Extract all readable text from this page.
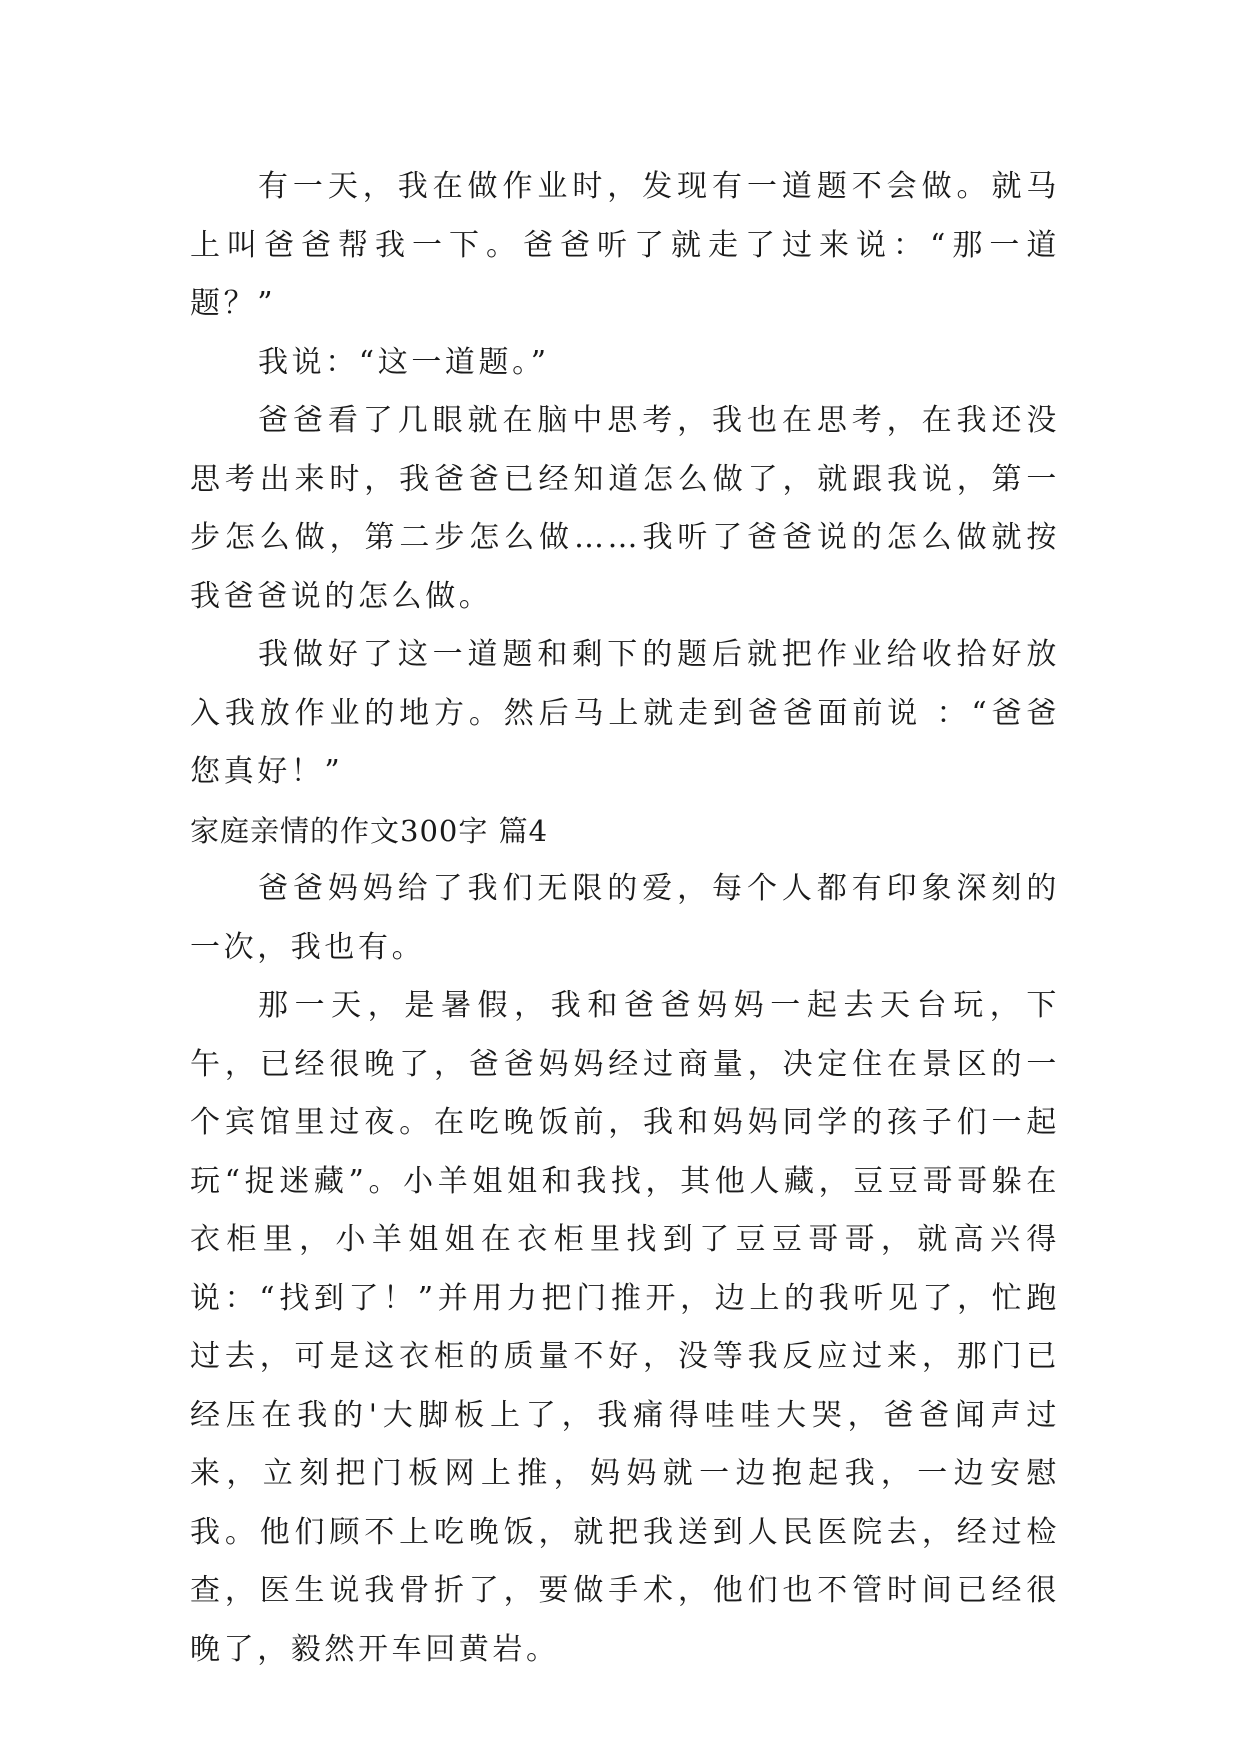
有一天，我在做作业时，发现有一道题不会做。就马上叫爸爸帮我一下。爸爸听了就走了过来说：“那一道题？”

我说：“这一道题。”

爸爸看了几眼就在脑中思考，我也在思考，在我还没思考出来时，我爸爸已经知道怎么做了，就跟我说，第一步怎么做，第二步怎么做……我听了爸爸说的怎么做就按我爸爸说的怎么做。

我做好了这一道题和剩下的题后就把作业给收拾好放入我放作业的地方。然后马上就走到爸爸面前说 ：“爸爸您真好！”

家庭亲情的作文300字 篇4

爸爸妈妈给了我们无限的爱，每个人都有印象深刻的一次，我也有。

那一天，是暑假，我和爸爸妈妈一起去天台玩，下午，已经很晚了，爸爸妈妈经过商量，决定住在景区的一个宾馆里过夜。在吃晚饭前，我和妈妈同学的孩子们一起玩“捉迷藏”。小羊姐姐和我找，其他人藏，豆豆哥哥躲在衣柜里，小羊姐姐在衣柜里找到了豆豆哥哥，就高兴得说：“找到了！”并用力把门推开，边上的我听见了，忙跑过去，可是这衣柜的质量不好，没等我反应过来，那门已经压在我的'大脚板上了，我痛得哇哇大哭，爸爸闻声过来，立刻把门板网上推，妈妈就一边抱起我，一边安慰我。他们顾不上吃晚饭，就把我送到人民医院去，经过检查，医生说我骨折了，要做手术，他们也不管时间已经很晚了，毅然开车回黄岩。
